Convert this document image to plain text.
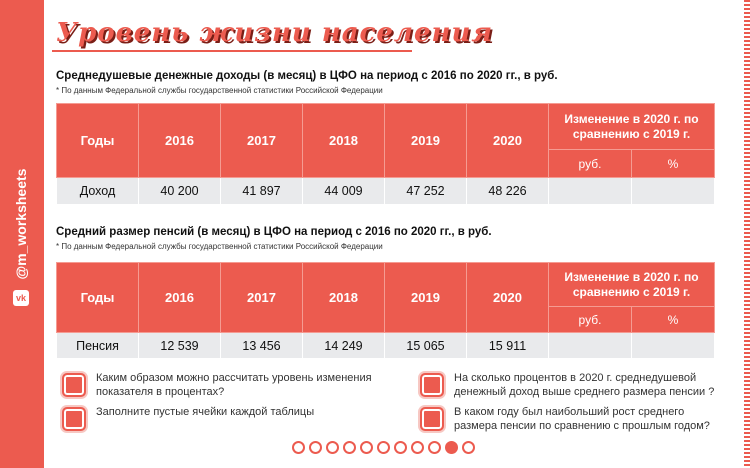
@m_worksheets
vk
Уровень жизни населения
Среднедушевые денежные доходы (в месяц) в ЦФО на период с 2016 по 2020 гг., в руб.
* По данным Федеральной службы государственной статистики Российской Федерации
Годы	2016	2017	2018	2019	2020	Изменение в 2020 г. по сравнению с 2019 г.	
						руб.	%
Доход	40 200	41 897	44 009	47 252	48 226		
Средний размер пенсий (в месяц) в ЦФО на период с 2016 по 2020 гг., в руб.
* По данным Федеральной службы государственной статистики Российской Федерации
Годы	2016	2017	2018	2019	2020	Изменение в 2020 г. по сравнению с 2019 г.	
						руб.	%
Пенсия	12 539	13 456	14 249	15 065	15 911		
Каким образом можно рассчитать уровень изменения показателя в процентах?
Заполните пустые ячейки каждой таблицы
На сколько процентов в 2020 г. среднедушевой денежный доход выше среднего размера пенсии ?
В каком году был наибольший рост среднего размера пенсии по сравнению с прошлым годом?
